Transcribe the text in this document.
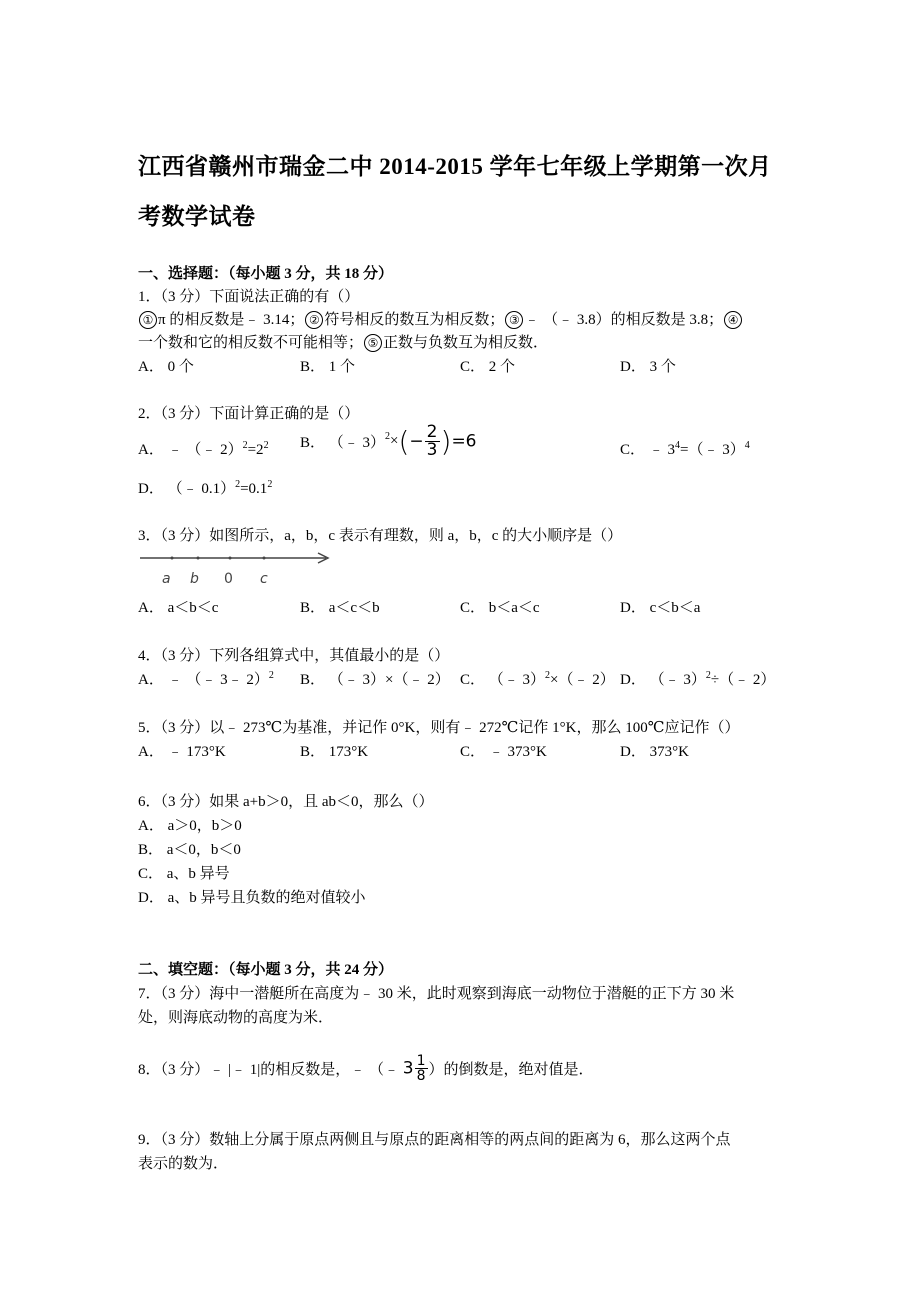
江西省赣州市瑞金二中 2014-2015 学年七年级上学期第一次月
考数学试卷
一、选择题：（每小题 3 分，共 18 分）
1．（3 分）下面说法正确的有（）
① π 的相反数是﹣ 3.14； ② 符号相反的数互为相反数； ③ ﹣ （﹣ 3.8）的相反数是 3.8； ④
一个数和它的相反数不可能相等； ⑤ 正数与负数互为相反数．
A． 0 个	B． 1 个	C． 2 个	D． 3 个
2．（3 分）下面计算正确的是（）
A． ﹣ （﹣ $2)^2=2^2$ B． （﹣ $3)^2\times(- \frac{2}{3} )=6$	C． ﹣ $3^4=(﹣$ 3）$^4$
D． （﹣ $0.1)^2=0.1^2$
3．（3 分）如图所示，a，b，c 表示有理数，则 a，b，c 的大小顺序是（）
a b 0 c
A． a＜b＜c	B． a＜c＜b	C． b＜a＜c	D． c＜b＜a
4．（3 分）下列各组算式中，其值最小的是（）
A． ﹣ （﹣ 3﹣ 2）$^2$ B． （﹣ 3）×（﹣ 2） C． （﹣ 3）$^2$×（﹣ 2） D． （﹣ 3）$^2$÷（﹣ 2）
5．（3 分）以﹣ 273℃为基准，并记作 0°K，则有﹣ 272℃记作 1°K，那么 100℃应记作（）
A． ﹣ 173°K	B． 173°K	C． ﹣ 373°K	D． 373°K
6．（3 分）如果 a+b＞0，且 ab＜0，那么（）
A． a＞0，b＞0
B． a＜0，b＜0
C． a、b 异号
D． a、b 异号且负数的绝对值较小
二、填空题：（每小题 3 分，共 24 分）
7．（3 分）海中一潜艇所在高度为﹣ 30 米，此时观察到海底一动物位于潜艇的正下方 30 米
处，则海底动物的高度为米．
8．（3 分）﹣ |﹣ 1|的相反数是，﹣ （﹣ $3 \frac{1}{8}$ ）的倒数是，绝对值是．
9．（3 分）数轴上分属于原点两侧且与原点的距离相等的两点间的距离为 6，那么这两个点
表示的数为．
